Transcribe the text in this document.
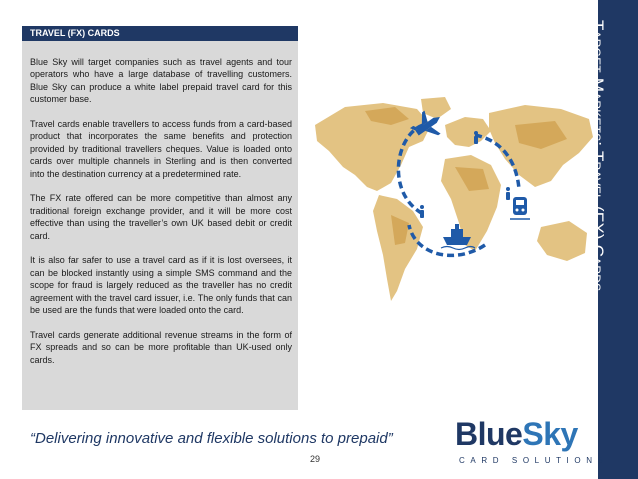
Target Markets: Travel (FX) Cards
TRAVEL (FX) CARDS

Blue Sky will target companies such as travel agents and tour operators who have a large database of travelling customers. Blue Sky can produce a white label prepaid travel card for this customer base.

Travel cards enable travellers to access funds from a card-based product that incorporates the same benefits and protection provided by traditional travellers cheques. Value is loaded onto cards over multiple channels in Sterling and is then converted into the destination currency at a predetermined rate.

The FX rate offered can be more competitive than almost any traditional foreign exchange provider, and it will be more cost effective than using the traveller’s own UK based debit or credit card.

It is also far safer to use a travel card as if it is lost oversees, it can be blocked instantly using a simple SMS command and the scope for fraud is largely reduced as the traveller has no credit agreement with the travel card issuer, i.e. The only funds that can be used are the funds that were loaded onto the card.

Travel cards generate additional revenue streams in the form of FX spreads and so can be more profitable than UK-used only cards.

“Delivering innovative and flexible solutions to prepaid”
29
BlueSky
CARD SOLUTIONS
